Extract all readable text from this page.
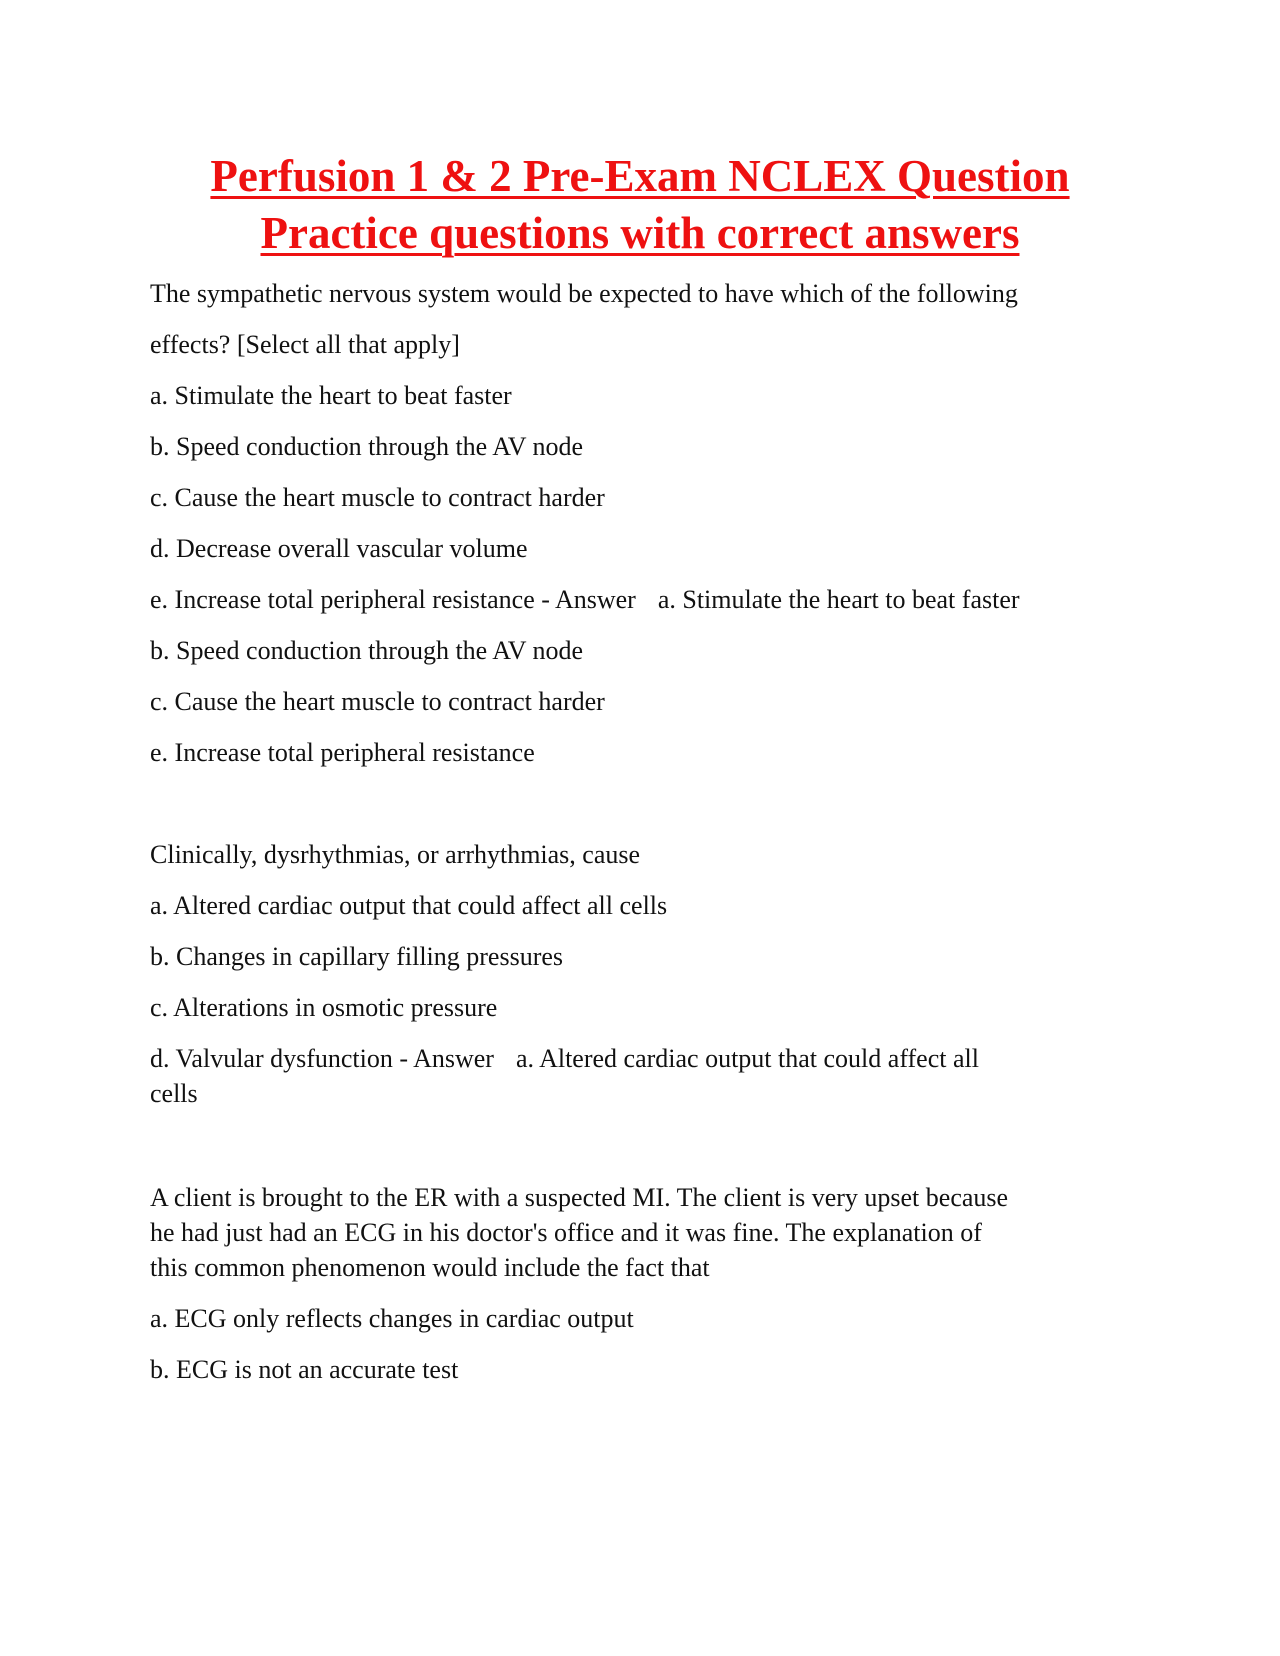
Perfusion 1 & 2 Pre-Exam NCLEX Question
Practice questions with correct answers

The sympathetic nervous system would be expected to have which of the following

effects? [Select all that apply]

a. Stimulate the heart to beat faster

b. Speed conduction through the AV node

c. Cause the heart muscle to contract harder

d. Decrease overall vascular volume

e. Increase total peripheral resistance - Answer a. Stimulate the heart to beat faster

b. Speed conduction through the AV node

c. Cause the heart muscle to contract harder

e. Increase total peripheral resistance

Clinically, dysrhythmias, or arrhythmias, cause

a. Altered cardiac output that could affect all cells

b. Changes in capillary filling pressures

c. Alterations in osmotic pressure

d. Valvular dysfunction - Answer a. Altered cardiac output that could affect all

cells

A client is brought to the ER with a suspected MI. The client is very upset because

he had just had an ECG in his doctor's office and it was fine. The explanation of

this common phenomenon would include the fact that

a. ECG only reflects changes in cardiac output

b. ECG is not an accurate test
